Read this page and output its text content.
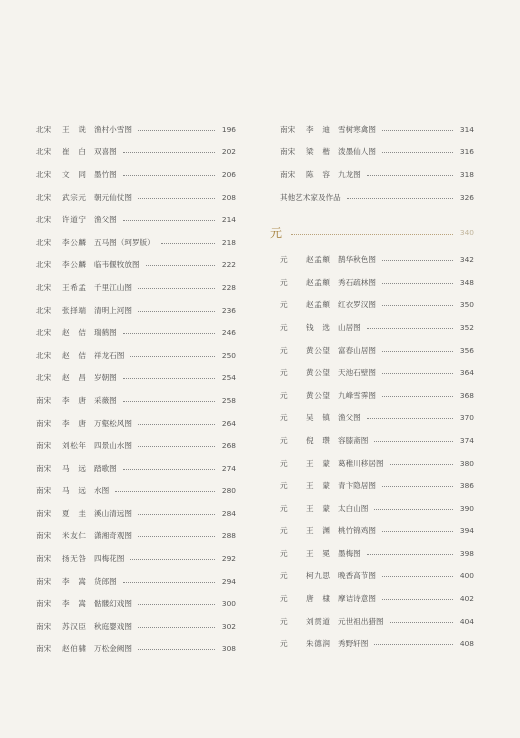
北宋	王　诜 渔村小雪图	196
北宋	崔　白 双喜图	202
北宋	文　同 墨竹图	206
北宋	武宗元 朝元仙仗图	208
北宋	许道宁 渔父图	214
北宋	李公麟 五马图（珂罗版）	218
北宋	李公麟 临韦偃牧放图	222
北宋	王希孟 千里江山图	228
北宋	张择端 清明上河图	236
北宋	赵　佶 瑞鹤图	246
北宋	赵　佶 祥龙石图	250
北宋	赵　昌 岁朝图	254
南宋	李　唐 采薇图	258
南宋	李　唐 万壑松风图	264
南宋	刘松年 四景山水图	268
南宋	马　远 踏歌图	274
南宋	马　远 水图	280
南宋	夏　圭 溪山清远图	284
南宋	米友仁 潇湘奇观图	288
南宋	扬无咎 四梅花图	292
南宋	李　嵩 货郎图	294
南宋	李　嵩 骷髅幻戏图	300
南宋	苏汉臣 秋庭婴戏图	302
南宋	赵伯骕 万松金阙图	308
南宋	李　迪 雪树寒禽图	314
南宋	梁　楷 泼墨仙人图	316
南宋	陈　容 九龙图	318
其他艺术家及作品	326
元	340
元	赵孟頫 鹊华秋色图	342
元	赵孟頫 秀石疏林图	348
元	赵孟頫 红衣罗汉图	350
元	钱　选 山居图	352
元	黄公望 富春山居图	356
元	黄公望 天池石壁图	364
元	黄公望 九峰雪霁图	368
元	吴　镇 渔父图	370
元	倪　瓒 容膝斋图	374
元	王　蒙 葛稚川移居图	380
元	王　蒙 青卞隐居图	386
元	王　蒙 太白山图	390
元	王　渊 桃竹锦鸡图	394
元	王　冕 墨梅图	398
元	柯九思 晚香高节图	400
元	唐　棣 摩诘诗意图	402
元	刘贯道 元世祖出猎图	404
元	朱德润 秀野轩图	408
